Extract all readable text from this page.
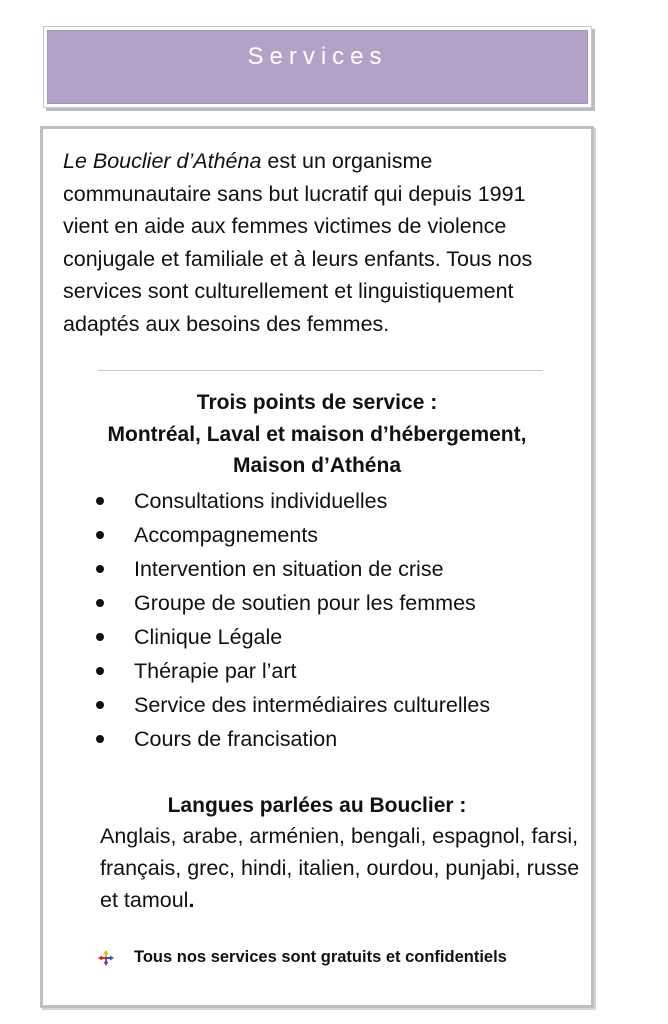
Services
Le Bouclier d’Athéna est un organisme communautaire sans but lucratif qui depuis 1991 vient en aide aux femmes victimes de violence conjugale et familiale et à leurs enfants. Tous nos services sont culturellement et linguistiquement adaptés aux besoins des femmes.
Trois points de service :
Montréal, Laval et maison d’hébergement,
Maison d’Athéna
Consultations individuelles
Accompagnements
Intervention en situation de crise
Groupe de soutien pour les femmes
Clinique Légale
Thérapie par l’art
Service des intermédiaires culturelles
Cours de francisation
Langues parlées au Bouclier :
Anglais, arabe, arménien, bengali, espagnol, farsi, français, grec, hindi, italien, ourdou, punjabi, russe et tamoul.
Tous nos services sont gratuits et confidentiels
